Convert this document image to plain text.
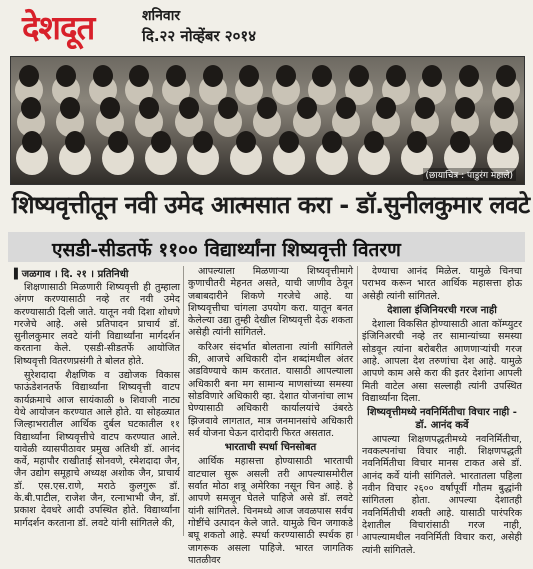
देशदूत	शनिवार
दि.२२ नोव्हेंबर २०१४
(छायाचित्र : पाडुरंग महाले)
शिष्यवृत्तीतून नवी उमेद आत्मसात करा - डॉ.सुनीलकुमार लवटे
एसडी-सीडतर्फे ११०० विद्यार्थ्यांना शिष्यवृत्ती वितरण
▌जळगाव । दि. २१ । प्रतिनिधी

शिक्षणासाठी मिळणारी शिष्यवृत्ती ही तुम्हाला अंगण करण्यासाठी नव्हे तर नवी उमेद करण्यासाठी दिली जाते. यातून नवी दिशा शोधणे गरजेचे आहे. असे प्रतिपादन प्राचार्य डॉ. सुनीलकुमार लवटे यांनी विद्यार्थ्यांना मार्गदर्शन करताना केले. एसडी-सीडतर्फे आयोजित शिष्यवृत्ती वितरणप्रसंगी ते बोलत होते.

सुरेशदादा शैक्षणिक व उद्योजक विकास फाऊंडेशनतर्फे विद्यार्थ्यांना शिष्यवृत्ती वाटप कार्यक्रमाचे आज सायंकाळी ७ शिवाजी नाट्य येथे आयोजन करण्यात आले होते. या सोहळ्यात जिल्हाभरातील आर्थिक दुर्बल घटकातील ११ विद्यार्थ्यांना शिष्यवृत्तीचे वाटप करण्यात आले. यावेळी व्यासपीठावर प्रमुख अतिथी डॉ. आनंद कर्वे, महापौर राखीताई सोनवणे, रमेशदादा जैन, जैन उद्योग समूहाचे अध्यक्ष अशोक जैन, प्राचार्य डॉ. एस.एस.राणे, मराठे कुलगुरू डॉ. के.बी.पाटील, राजेश जैन, रत्नाभाभी जैन, डॉ. प्रकाश देवधरे आदी उपस्थित होते. विद्यार्थ्यांना मार्गदर्शन करताना डॉ. लवटे यांनी सांगितले की,

आपल्याला मिळणाऱ्या शिष्यवृत्तीमागे कुणाचीतरी मेहनत असते, याची जाणीव ठेवून जबाबदारीने शिकणे गरजेचे आहे. या शिष्यवृत्तीचा चांगला उपयोग करा. यातून बनत केलेल्या उद्या तुम्ही देखील शिष्यवृत्ती देऊ शकता असेही त्यांनी सांगितले.

करिअर संदर्भात बोलताना त्यांनी सांगितले की, आजचे अधिकारी दोन शब्दांमधील अंतर अडविण्याचे काम करतात. यासाठी आपल्याला अधिकारी बना मग सामान्य माणसांच्या समस्या सोडविणारे अधिकारी व्हा. देशात योजनांचा लाभ घेण्यासाठी अधिकारी कार्यालयांचे उंबरठे झिजवावे लागतात, मात्र जनमानसांचे अधिकारी सर्व योजना घेऊन दारोदारी फिरत असतात.

भारताची स्पर्धा चिनसोबत

आर्थिक महासत्ता होण्यासाठी भारताची वाटचाल सुरू असली तरी आपल्यासमोरील सर्वात मोठा शत्रू अमेरिका नसून चिन आहे. हे आपणे समजून घेतले पाहिजे असे डॉ. लवटे यांनी सांगितले. चिनमध्ये आज जवळपास सर्वच गोष्टींचे उत्पादन केले जाते. यामुळे चिन जगाकडे बघू शकतो आहे. स्पर्धा करण्यासाठी स्पर्धक हा जागरूक असला पाहिजे. भारत जागतिक पातळीवर

देण्याचा आनंद मिळेल. यामुळे चिनचा पराभव करून भारत आर्थिक महासत्ता होऊ असेही त्यांनी सांगितले.

देशाला इंजिनियरची गरज नाही

देशाला विकसित होण्यासाठी आता कॉम्प्युटर इंजिनिअरची नव्हे तर सामान्यांच्या समस्या सोडवून त्यांना बरोबरीत आणणाऱ्यांची गरज आहे. आपला देश तरुणांचा देश आहे. यामुळे आपणे काम असे करा की इतर देशांना आपली मिती वाटेल असा सल्लाही त्यांनी उपस्थित विद्यार्थ्यांना दिला.

शिष्यवृत्तीमध्ये नवनिर्मितीचा विचार नाही - डॉ. आनंद कर्वे

आपल्या शिक्षणपद्धतीमध्ये नवनिर्मितीचा, नवकल्पनांचा विचार नाही. शिक्षणपद्धती नवनिर्मितीचा विचार मानस टाकत असे डॉ. आनंद कर्वे यांनी सांगितले. भारतातला पहिला नवीन विचार २६०० वर्षांपूर्वी गौतम बुद्धांनी सांगितला होता. आपल्या देशातही नवनिर्मितीची शक्ती आहे. यासाठी पारंपरिक देशातील विचारांसाठी गरज नाही, आपल्यामधील नवनिर्मिती विचार करा, असेही त्यांनी सांगितले.
